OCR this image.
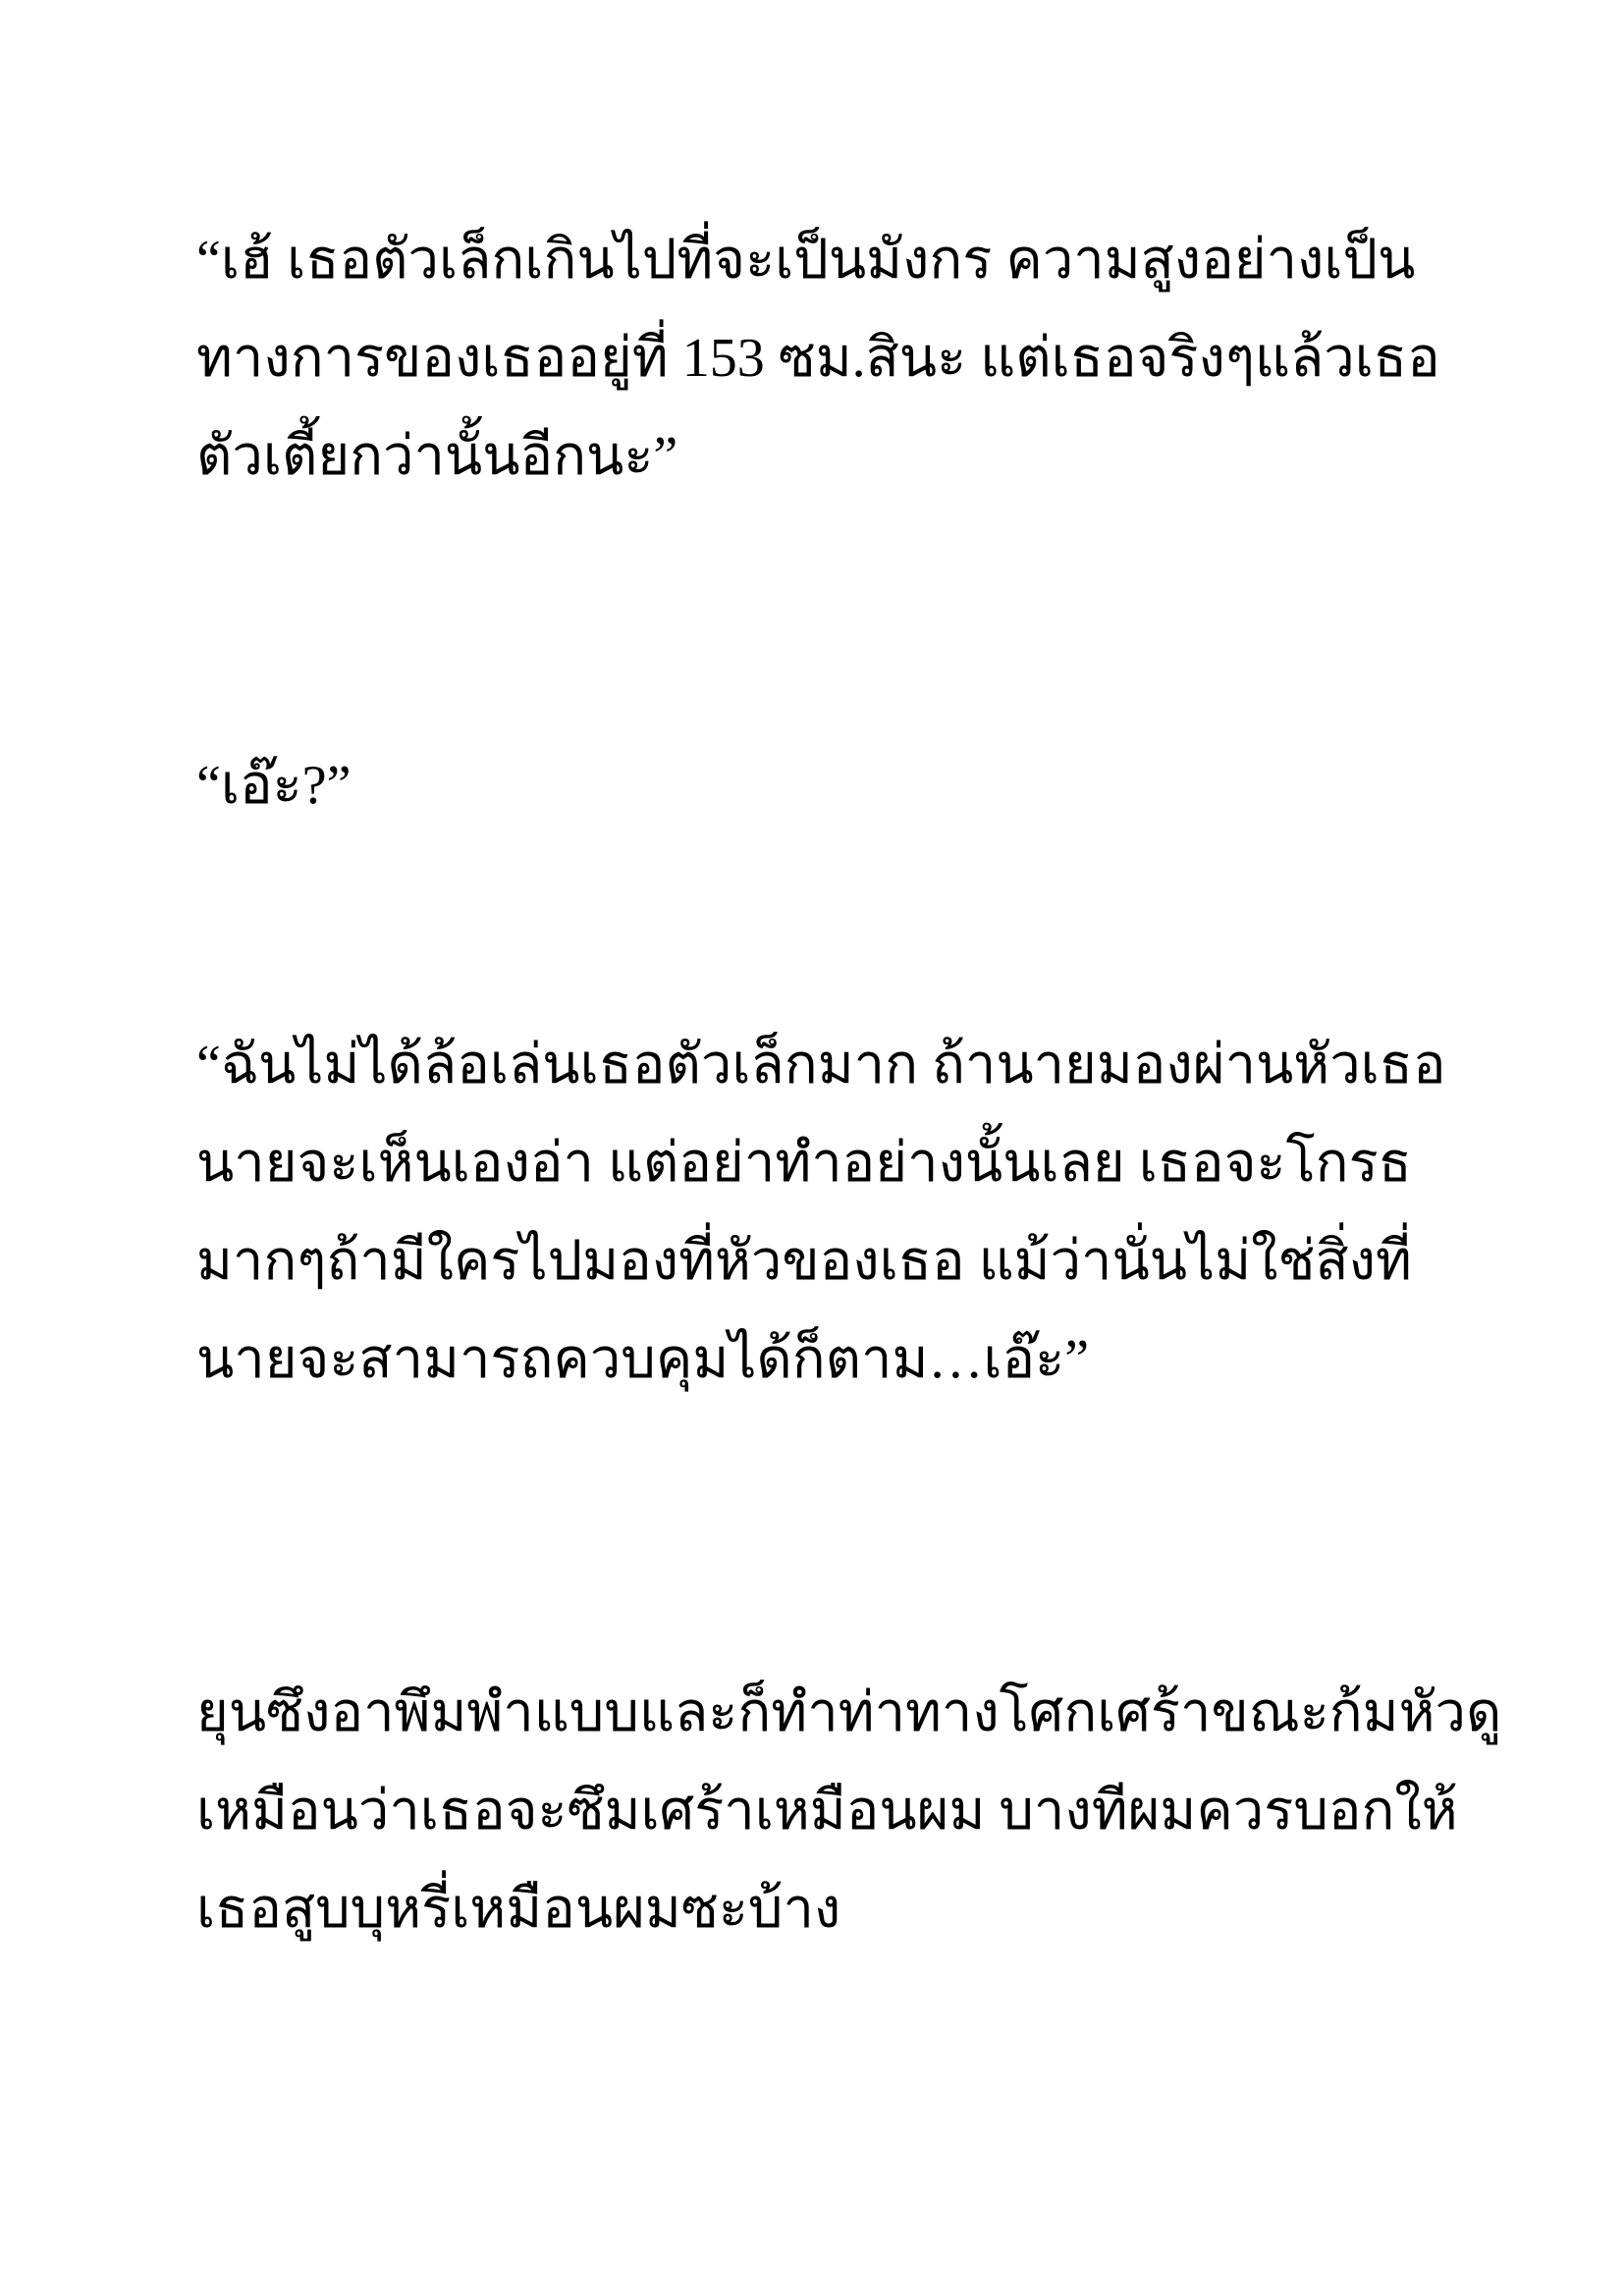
“เฮ้ เธอตัวเล็กเกินไปที่จะเป็นมังกร ความสูงอย่างเป็น
ทางการของเธออยู่ที่ 153 ซม.สินะ แต่เธอจริงๆแล้วเธอ
ตัวเตี้ยกว่านั้นอีกนะ”

“เอ๊ะ?”

“ฉันไม่ได้ล้อเล่นเธอตัวเล็กมาก ถ้านายมองผ่านหัวเธอ
นายจะเห็นเองอ่า แต่อย่าทำอย่างนั้นเลย เธอจะโกรธ
มากๆถ้ามีใครไปมองที่หัวของเธอ แม้ว่านั่นไม่ใช่สิ่งที่
นายจะสามารถควบคุมได้ก็ตาม…เอ๊ะ”

ยุนซึงอาพึมพำแบบและก็ทำท่าทางโศกเศร้าขณะก้มหัวดู
เหมือนว่าเธอจะซึมเศร้าเหมือนผม บางทีผมควรบอกให้
เธอสูบบุหรี่เหมือนผมซะบ้าง
